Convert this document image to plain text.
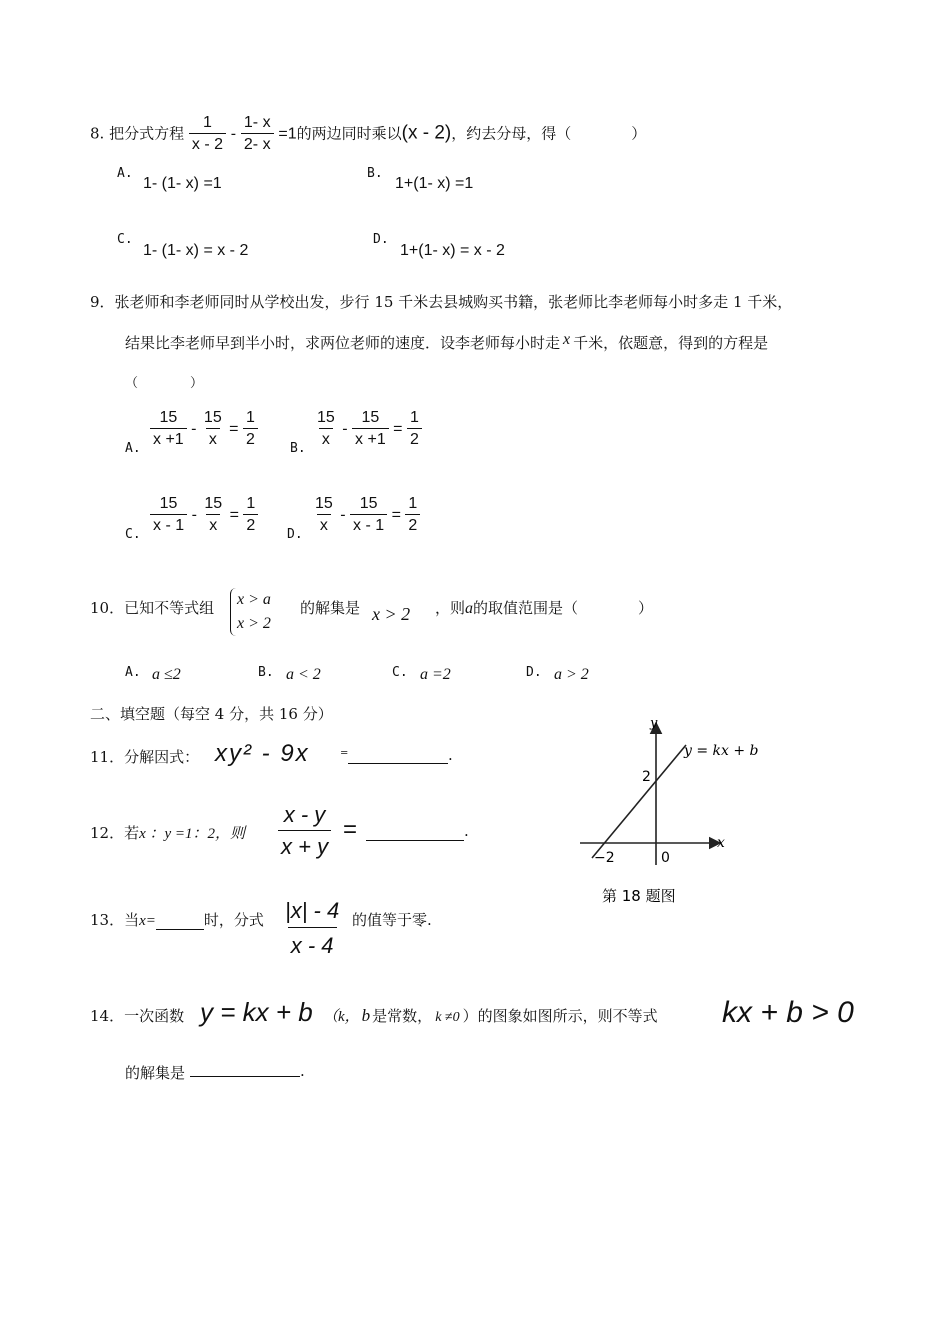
8. 把分式方程 $\frac{1}{x - 2} - \frac{1- x}{2- x} =1$的两边同时乘以(x - 2)，约去分母，得（　　　　）
A.
1- (1- x) =1
B.
1+(1- x) =1
C.
1- (1- x) = x - 2
D.
1+(1- x) = x - 2
9．张老师和李老师同时从学校出发，步行 15 千米去县城购买书籍，张老师比李老师每小时多走 1 千米，
结果比李老师早到半小时，求两位老师的速度．设李老师每小时走 x 千米，依题意，得到的方程是
（　　　　）
A. $\frac{15}{x +1} - \frac{15}{x} = \frac{1}{2} B$. $\frac{15}{x} - \frac{15}{x +1} = \frac{1}{2}$
C. $\frac{15}{x - 1} - \frac{15}{x} = \frac{1}{2} D$. $\frac{15}{x} - \frac{15}{x - 1} = \frac{1}{2}$
10．已知不等式组 x > a
x > 2
的解集是 x > 2 ，则a的取值范围是（　　　　）
A. a ≤2	B. a < 2	C. a =2	D. a > 2
二、填空题（每空 4 分，共 16 分）
11．分解因式： xy² - 9x	=	.
12．若x ：y =1：2，则 $\frac{x - y}{x + y}$ =	.
13．当x=	时，分式 $\frac{|x| - 4}{x - 4}$ 的值等于零.
14．一次函数 y = kx + b （k， b 是常数， k ≠0 ）的图象如图所示，则不等式 kx + b > 0
的解集是	.
y
x
y = kx + b
2
−2	0
第 18 题图
